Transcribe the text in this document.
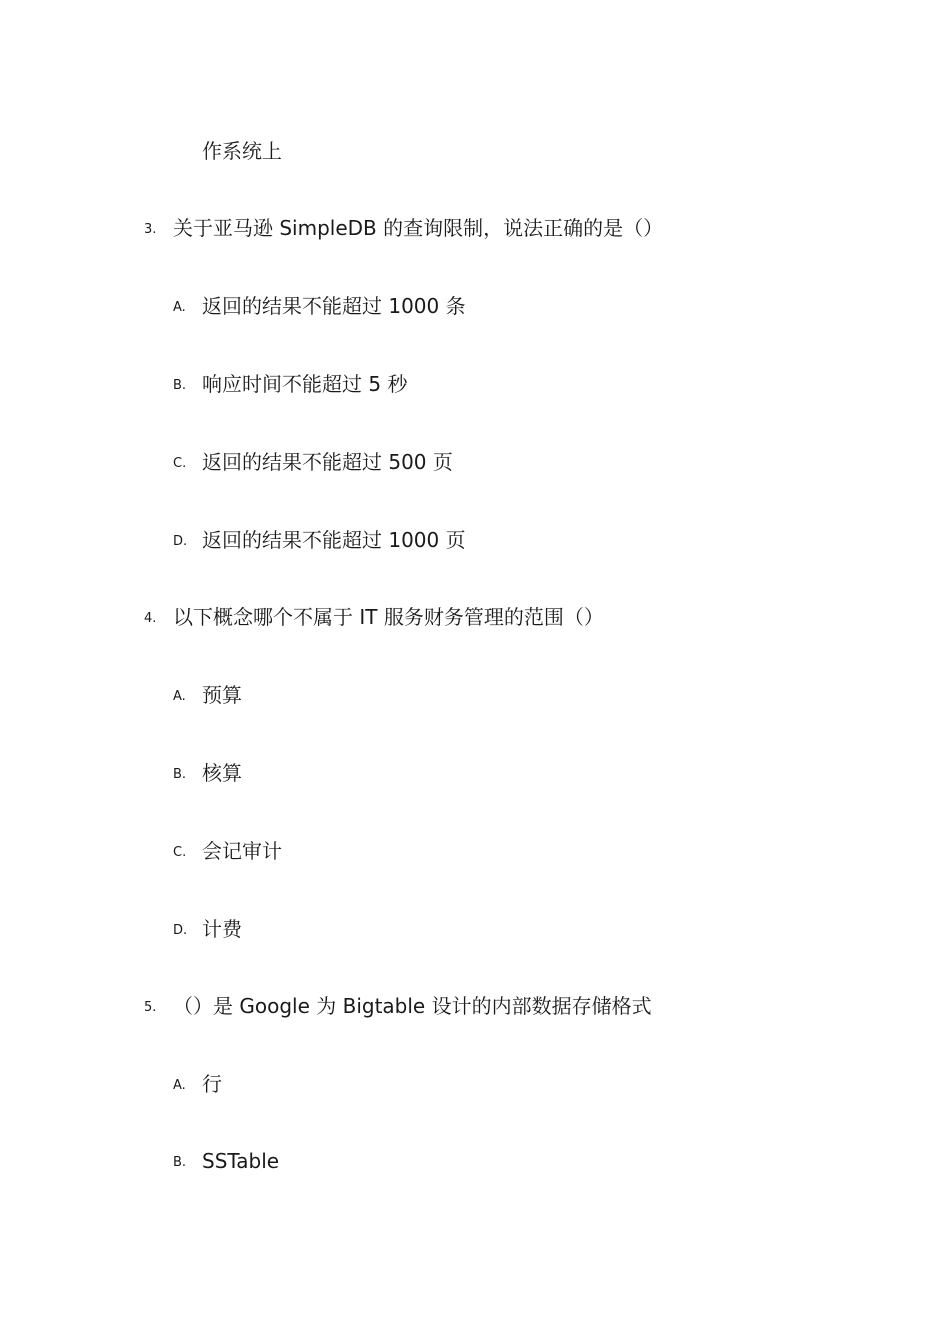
作系统上
3. 关于亚马逊 SimpleDB 的查询限制，说法正确的是（）
A. 返回的结果不能超过 1000 条
B. 响应时间不能超过 5 秒
C. 返回的结果不能超过 500 页
D. 返回的结果不能超过 1000 页
4. 以下概念哪个不属于 IT 服务财务管理的范围（）
A. 预算
B. 核算
C. 会记审计
D. 计费
5. （）是 Google 为 Bigtable 设计的内部数据存储格式
A. 行
B. SSTable
